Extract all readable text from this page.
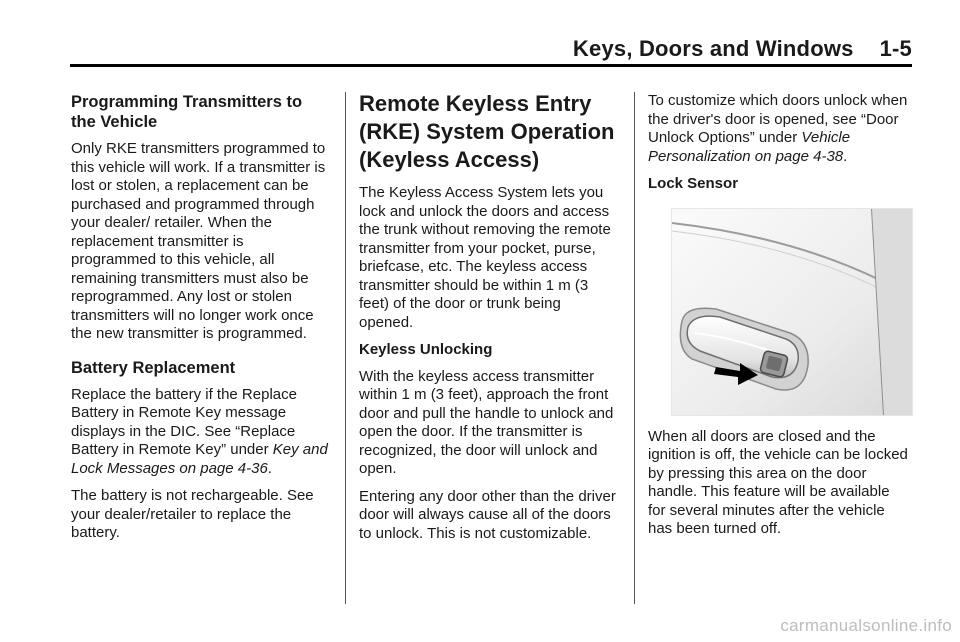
Keys, Doors and Windows 1-5
Programming Transmitters to the Vehicle

Only RKE transmitters programmed to this vehicle will work. If a transmitter is lost or stolen, a replacement can be purchased and programmed through your dealer/ retailer. When the replacement transmitter is programmed to this vehicle, all remaining transmitters must also be reprogrammed. Any lost or stolen transmitters will no longer work once the new transmitter is programmed.

Battery Replacement

Replace the battery if the Replace Battery in Remote Key message displays in the DIC. See “Replace Battery in Remote Key” under Key and Lock Messages on page 4-36.

The battery is not rechargeable. See your dealer/retailer to replace the battery.

Remote Keyless Entry (RKE) System Operation (Keyless Access)

The Keyless Access System lets you lock and unlock the doors and access the trunk without removing the remote transmitter from your pocket, purse, briefcase, etc. The keyless access transmitter should be within 1 m (3 feet) of the door or trunk being opened.

Keyless Unlocking

With the keyless access transmitter within 1 m (3 feet), approach the front door and pull the handle to unlock and open the door. If the transmitter is recognized, the door will unlock and open.

Entering any door other than the driver door will always cause all of the doors to unlock. This is not customizable.

To customize which doors unlock when the driver's door is opened, see “Door Unlock Options” under Vehicle Personalization on page 4-38.

Lock Sensor

When all doors are closed and the ignition is off, the vehicle can be locked by pressing this area on the door handle. This feature will be available for several minutes after the vehicle has been turned off.

carmanualsonline.info
